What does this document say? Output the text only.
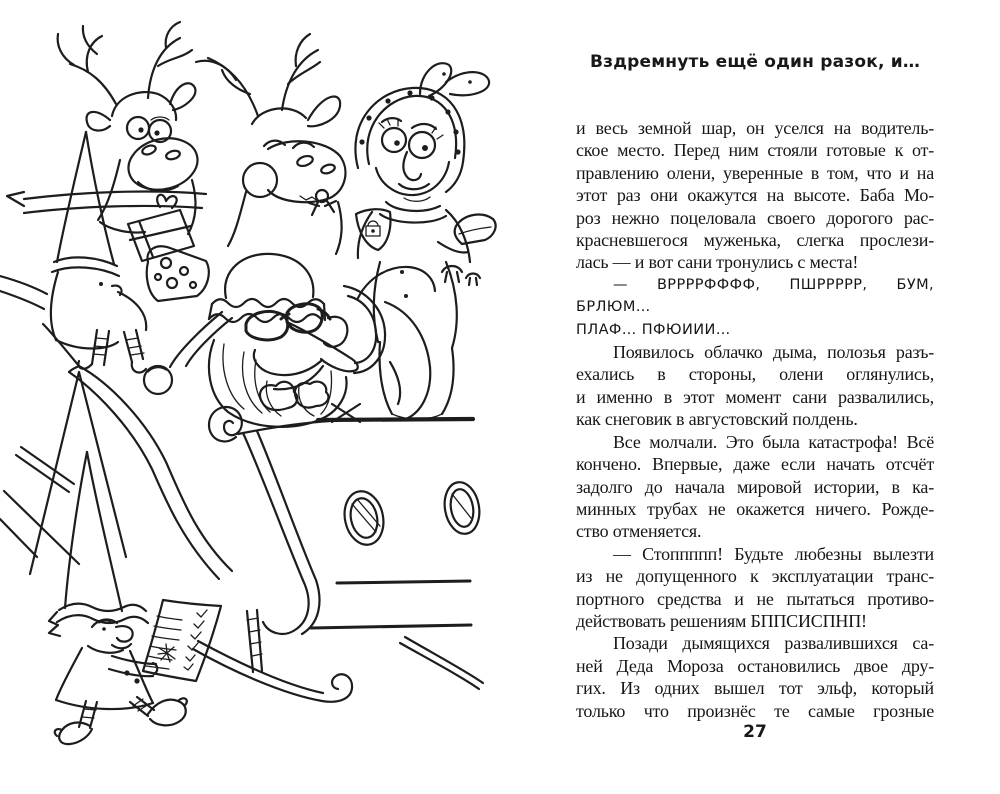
Вздремнуть ещё один разок, и…
и весь земной шар, он уселся на водитель-
ское место. Перед ним стояли готовые к от-
правлению олени, уверенные в том, что и на
этот раз они окажутся на высоте. Баба Мо-
роз нежно поцеловала своего дорогого рас-
красневшегося муженька, слегка прослези-
лась — и вот сани тронулись с места!
— ВРРРРФФФФ, ПШРРРРР, БУМ, БРЛЮМ…
ПЛАФ… ПФЮИИИ…
Появилось облачко дыма, полозья разъ-
ехались в стороны, олени оглянулись,
и именно в этот момент сани развалились,
как снеговик в августовский полдень.
Все молчали. Это была катастрофа! Всё
кончено. Впервые, даже если начать отсчёт
задолго до начала мировой истории, в ка-
минных трубах не окажется ничего. Рожде-
ство отменяется.
— Стоппппп! Будьте любезны вылезти
из не допущенного к эксплуатации транс-
портного средства и не пытаться противо-
действовать решениям БППСИСПНП!
Позади дымящихся развалившихся са-
ней Деда Мороза остановились двое дру-
гих. Из одних вышел тот эльф, который
только что произнёс те самые грозные
27
